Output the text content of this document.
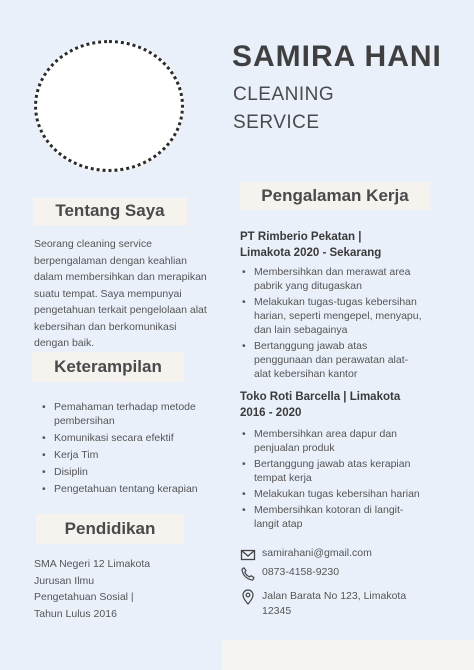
SAMIRA HANI
CLEANING
SERVICE
Tentang Saya
Seorang cleaning service berpengalaman dengan keahlian dalam membersihkan dan merapikan suatu tempat. Saya mempunyai pengetahuan terkait pengelolaan alat kebersihan dan berkomunikasi dengan baik.
Keterampilan
• Pemahaman terhadap metode pembersihan
• Komunikasi secara efektif
• Kerja Tim
• Disiplin
• Pengetahuan tentang kerapian
Pendidikan
SMA Negeri 12 Limakota
Jurusan Ilmu
Pengetahuan Sosial |
Tahun Lulus 2016
Pengalaman Kerja
PT Rimberio Pekatan |
Limakota 2020 - Sekarang
• Membersihkan dan merawat area pabrik yang ditugaskan
• Melakukan tugas-tugas kebersihan harian, seperti mengepel, menyapu, dan lain sebagainya
• Bertanggung jawab atas penggunaan dan perawatan alat-alat kebersihan kantor
Toko Roti Barcella | Limakota
2016 - 2020
• Membersihkan area dapur dan penjualan produk
• Bertanggung jawab atas kerapian tempat kerja
• Melakukan tugas kebersihan harian
• Membersihkan kotoran di langit-langit atap
samirahani@gmail.com
0873-4158-9230
Jalan Barata No 123, Limakota 12345
